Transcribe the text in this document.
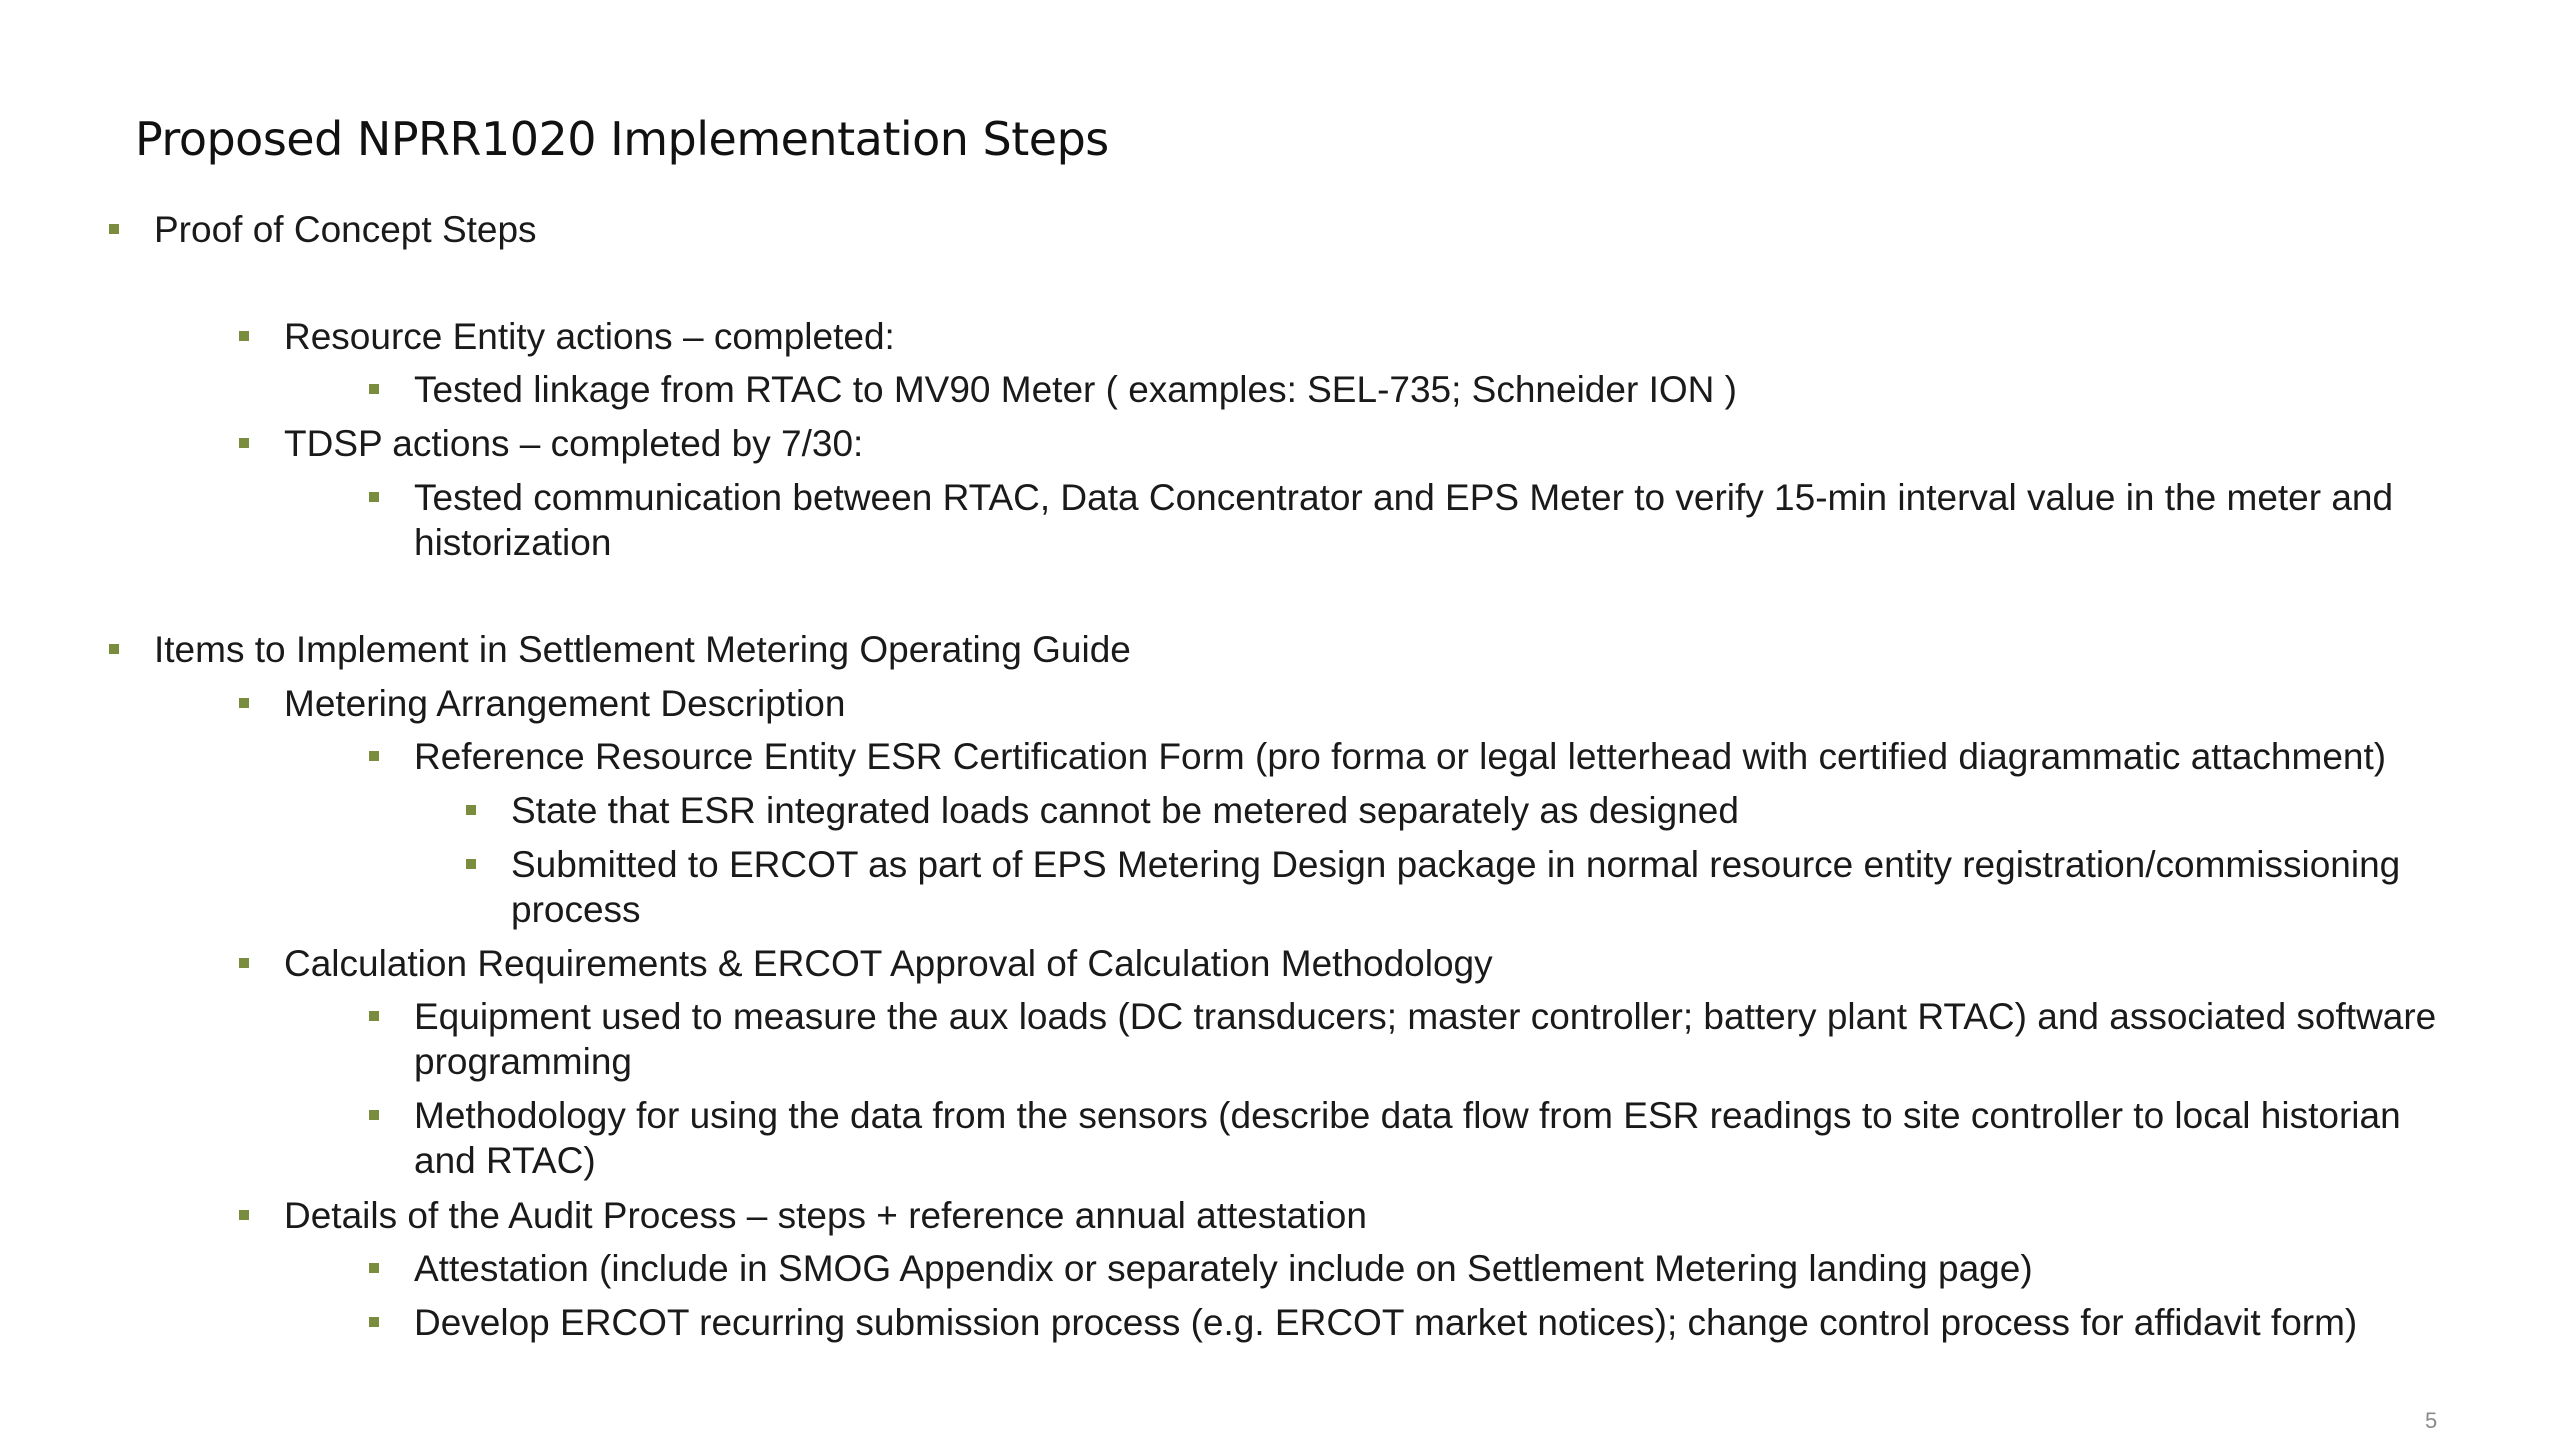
Proposed NPRR1020 Implementation Steps
Proof of Concept Steps
Resource Entity actions – completed:
Tested linkage from RTAC to MV90 Meter ( examples: SEL-735; Schneider ION )
TDSP actions – completed by 7/30:
Tested communication between RTAC, Data Concentrator and EPS Meter to verify 15-min interval value in the meter and historization
Items to Implement in Settlement Metering Operating Guide
Metering Arrangement Description
Reference Resource Entity ESR Certification Form (pro forma or legal letterhead with certified diagrammatic attachment)
State that ESR integrated loads cannot be metered separately as designed
Submitted to ERCOT as part of EPS Metering Design package in normal resource entity registration/commissioning process
Calculation Requirements & ERCOT Approval of Calculation Methodology
Equipment used to measure the aux loads (DC transducers; master controller; battery plant RTAC) and associated software programming
Methodology for using the data from the sensors (describe data flow from ESR readings to site controller to local historian and RTAC)
Details of the Audit Process – steps + reference annual attestation
Attestation (include in SMOG Appendix or separately include on Settlement Metering landing page)
Develop ERCOT recurring submission process (e.g. ERCOT market notices); change control process for affidavit form)
5
